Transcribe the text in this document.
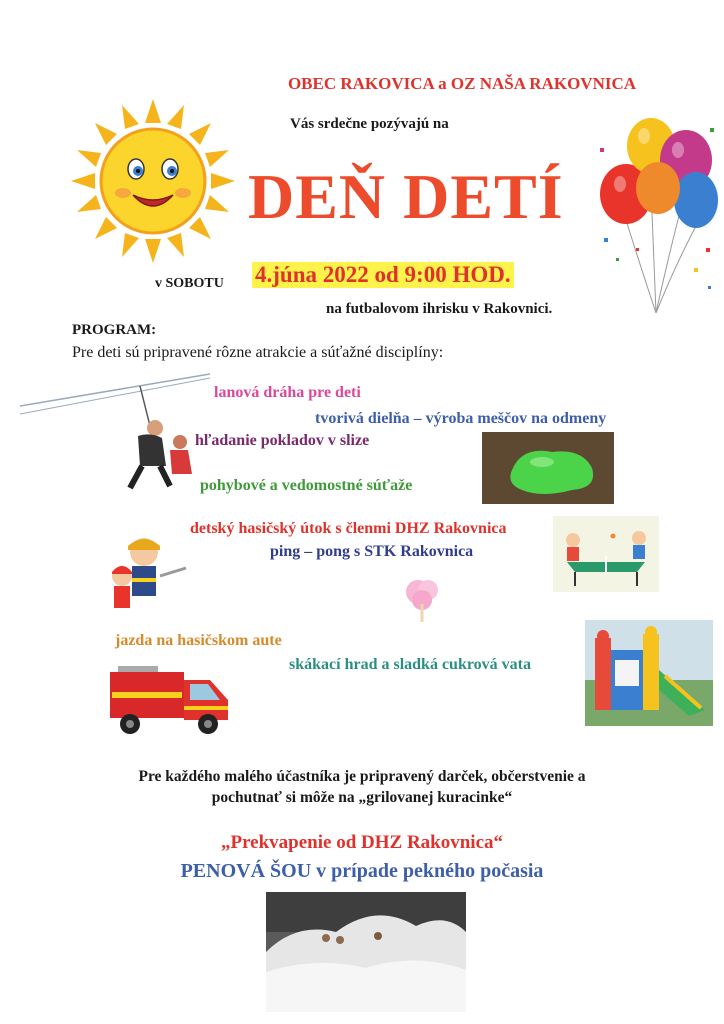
OBEC RAKOVICA a OZ NAŠA RAKOVNICA
Vás srdečne pozývajú na
DEŇ DETÍ
v SOBOTU 4.júna 2022 od 9:00 HOD.
na futbalovom ihrisku v Rakovnici.
PROGRAM:
Pre deti sú pripravené rôzne atrakcie a súťažné disciplíny:
lanová dráha pre deti
tvorivá dielňa – výroba meščov na odmeny
hľadanie pokladov v slize
pohybové a vedomostné súťaže
detský hasičský útok s členmi DHZ Rakovnica
ping – pong s STK Rakovnica
jazda na hasičskom aute
skákací hrad a sladká cukrová vata
Pre každého malého účastníka je pripravený darček, občerstvenie a
pochutnať si môže na „grilovanej kuracinke“
„Prekvapenie od DHZ Rakovnica“
PENOVÁ ŠOU v prípade pekného počasia
